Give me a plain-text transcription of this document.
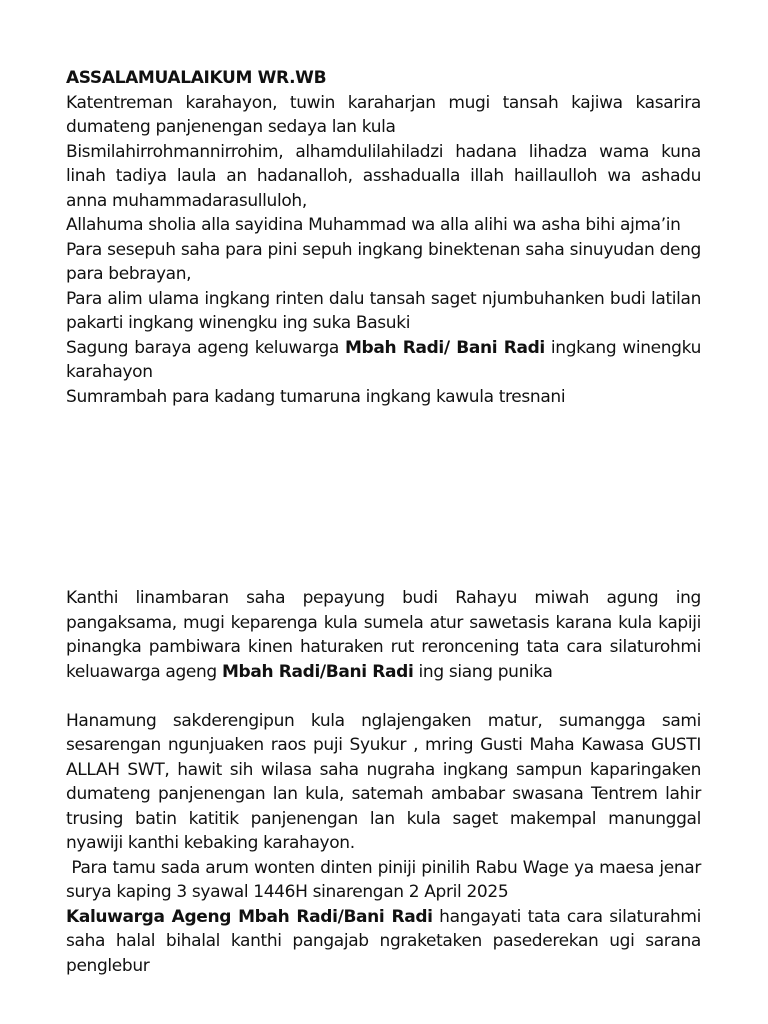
ASSALAMUALAIKUM WR.WB

Katentreman karahayon, tuwin karaharjan mugi tansah kajiwa kasarira dumateng panjenengan sedaya lan kula

Bismilahirrohmannirrohim, alhamdulilahiladzi hadana lihadza wama kuna linah tadiya laula an hadanalloh, asshadualla illah haillaulloh wa ashadu anna muhammadarasulluloh,

Allahuma sholia alla sayidina Muhammad wa alla alihi wa asha bihi ajma’in

Para sesepuh saha para pini sepuh ingkang binektenan saha sinuyudan deng para bebrayan,

Para alim ulama ingkang rinten dalu tansah saget njumbuhanken budi latilan pakarti ingkang winengku ing suka Basuki

Sagung baraya ageng keluwarga Mbah Radi/ Bani Radi ingkang winengku karahayon

Sumrambah para kadang tumaruna ingkang kawula tresnani

Kanthi linambaran saha pepayung budi Rahayu miwah agung ing pangaksama, mugi keparenga kula sumela atur sawetasis karana kula kapiji pinangka pambiwara kinen haturaken rut reroncening tata cara silaturohmi keluawarga ageng Mbah Radi/Bani Radi ing siang punika

Hanamung sakderengipun kula nglajengaken matur, sumangga sami sesarengan ngunjuaken raos puji Syukur , mring Gusti Maha Kawasa GUSTI ALLAH SWT, hawit sih wilasa saha nugraha ingkang sampun kaparingaken dumateng panjenengan lan kula, satemah ambabar swasana Tentrem lahir trusing batin katitik panjenengan lan kula saget makempal manunggal nyawiji kanthi kebaking karahayon.

Para tamu sada arum wonten dinten piniji pinilih Rabu Wage ya maesa jenar surya kaping 3 syawal 1446H sinarengan 2 April 2025

Kaluwarga Ageng Mbah Radi/Bani Radi hangayati tata cara silaturahmi saha halal bihalal kanthi pangajab ngraketaken pasederekan ugi sarana penglebur
